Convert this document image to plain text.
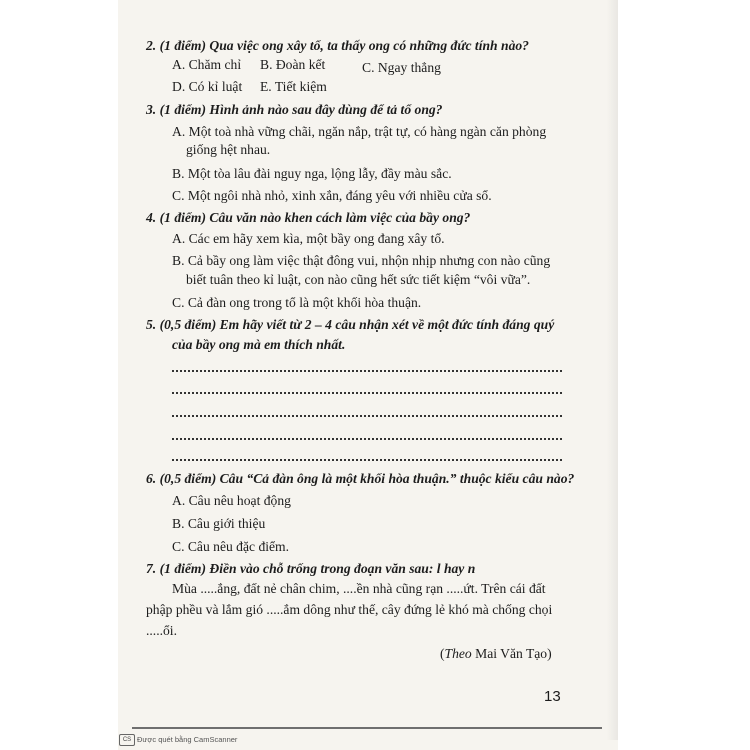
2. (1 điểm) Qua việc ong xây tổ, ta thấy ong có những đức tính nào?
A. Chăm chỉ B. Đoàn kết	C. Ngay thẳng
D. Có kỉ luật E. Tiết kiệm
3. (1 điểm) Hình ảnh nào sau đây dùng để tả tổ ong?
A. Một toà nhà vững chãi, ngăn nắp, trật tự, có hàng ngàn căn phòng
giống hệt nhau.
B. Một tòa lâu đài nguy nga, lộng lẫy, đầy màu sắc.
C. Một ngôi nhà nhỏ, xinh xắn, đáng yêu với nhiều cửa sổ.
4. (1 điểm) Câu văn nào khen cách làm việc của bầy ong?
A. Các em hãy xem kìa, một bầy ong đang xây tổ.
B. Cả bầy ong làm việc thật đông vui, nhộn nhịp nhưng con nào cũng
biết tuân theo kỉ luật, con nào cũng hết sức tiết kiệm “vôi vữa”.
C. Cả đàn ong trong tổ là một khối hòa thuận.
5. (0,5 điểm) Em hãy viết từ 2 – 4 câu nhận xét về một đức tính đáng quý
của bầy ong mà em thích nhất.
6. (0,5 điểm) Câu “Cả đàn ông là một khối hòa thuận.” thuộc kiểu câu nào?
A. Câu nêu hoạt động
B. Câu giới thiệu
C. Câu nêu đặc điểm.
7. (1 điểm) Điền vào chỗ trống trong đoạn văn sau: l hay n
Mùa .....ắng, đất nẻ chân chim, ....ền nhà cũng rạn .....ứt. Trên cái đất
phập phều và lắm gió .....ắm dông như thế, cây đứng lẻ khó mà chống chọi
.....ổi.
(Theo Mai Văn Tạo)
13
CS Được quét bằng CamScanner
